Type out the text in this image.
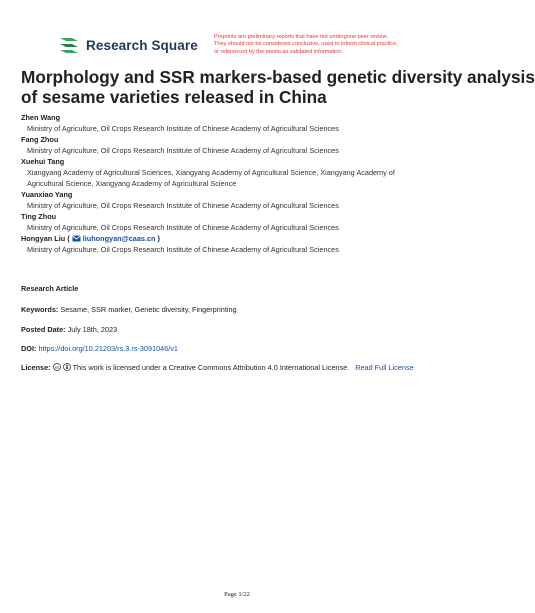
Research Square
Preprints are preliminary reports that have not undergone peer review.
They should not be considered conclusive, used to inform clinical practice,
or referenced by the media as validated information.
Morphology and SSR markers-based genetic diversity analysis
of sesame varieties released in China
Zhen Wang
Ministry of Agriculture, Oil Crops Research Institute of Chinese Academy of Agricultural Sciences
Fang Zhou
Ministry of Agriculture, Oil Crops Research Institute of Chinese Academy of Agricultural Sciences
Xuehui Tang
Xiangyang Academy of Agricultural Sciences, Xiangyang Academy of Agricultural Science, Xiangyang Academy of
Agricultural Science, Xiangyang Academy of Agricultural Science
Yuanxiao Yang
Ministry of Agriculture, Oil Crops Research Institute of Chinese Academy of Agricultural Sciences
Ting Zhou
Ministry of Agriculture, Oil Crops Research Institute of Chinese Academy of Agricultural Sciences
Hongyan Liu ( liuhongyan@caas.cn )
Ministry of Agriculture, Oil Crops Research Institute of Chinese Academy of Agricultural Sciences
Research Article
Keywords: Sesame, SSR marker, Genetic diversity, Fingerprinting
Posted Date: July 18th, 2023
DOI: https://doi.org/10.21203/rs.3.rs-3091046/v1
License: cc This work is licensed under a Creative Commons Attribution 4.0 International License. Read Full License
Page 1/22
